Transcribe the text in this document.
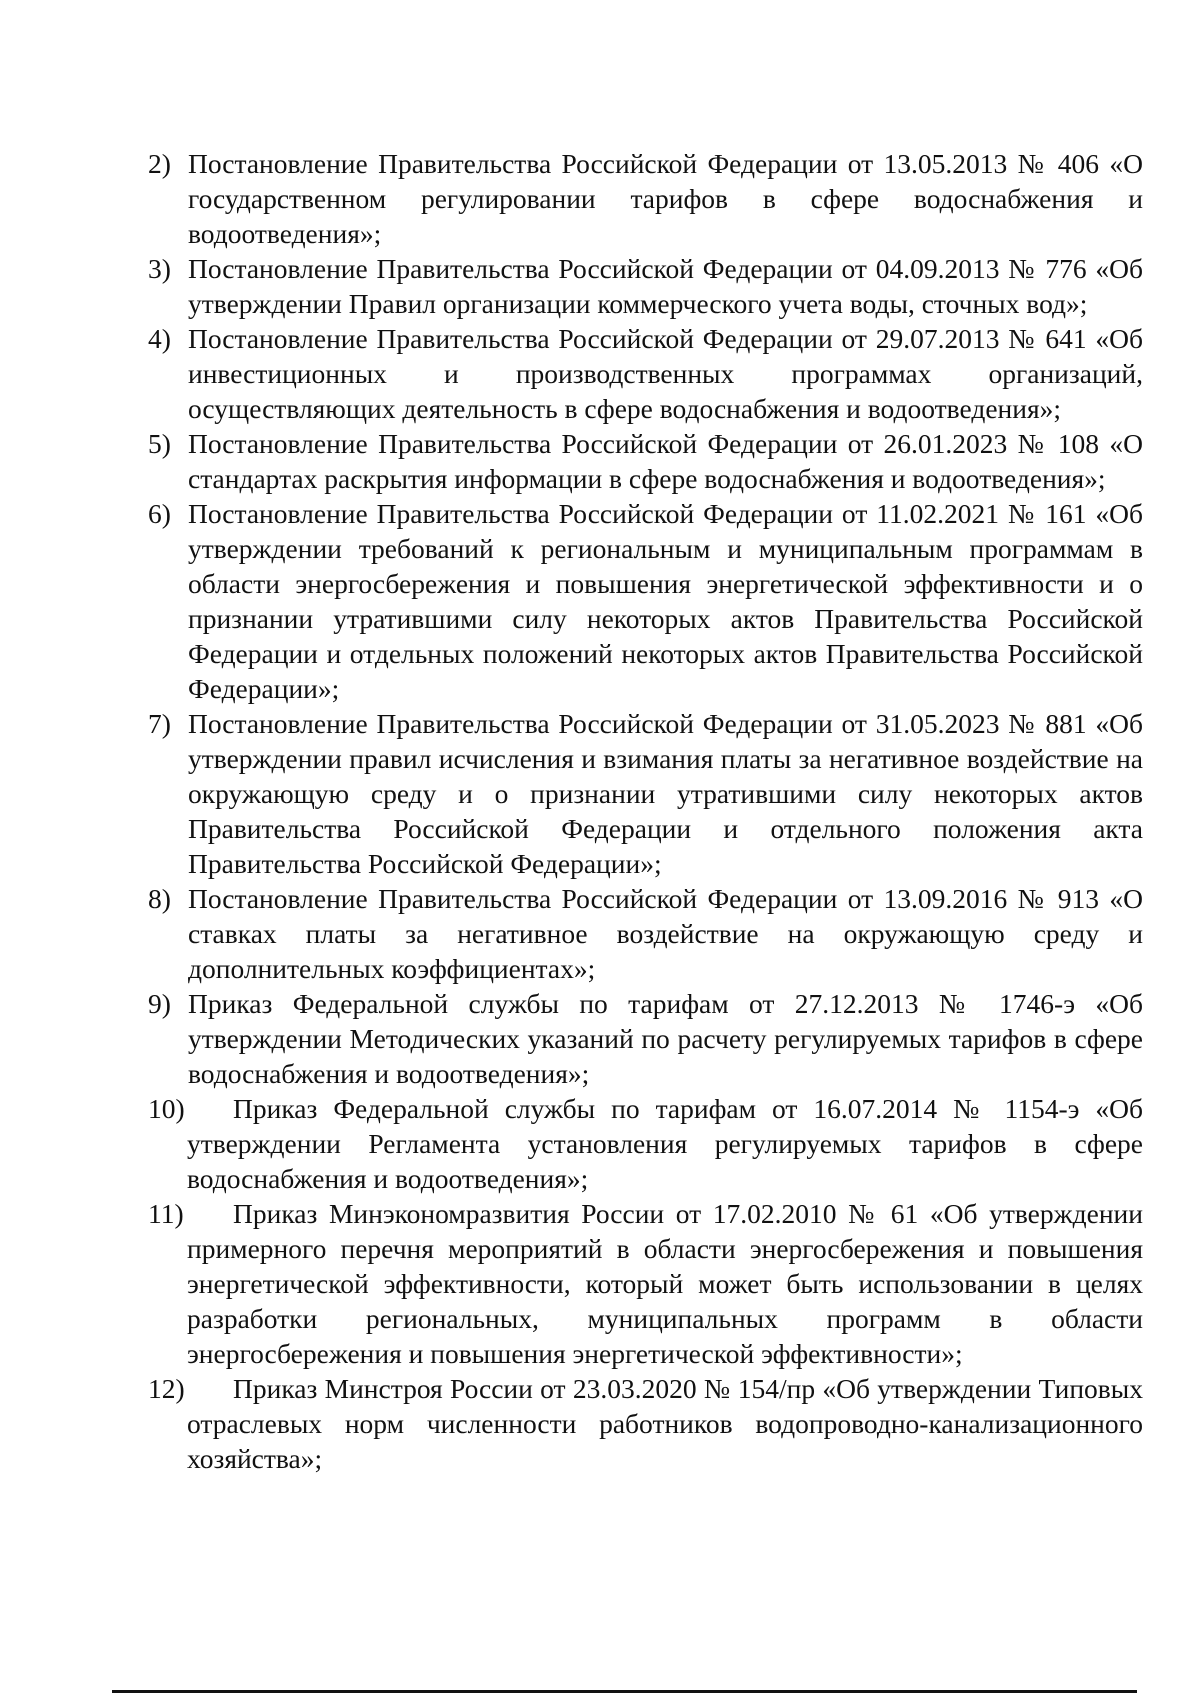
2) Постановление Правительства Российской Федерации от 13.05.2013 № 406 «О государственном регулировании тарифов в сфере водоснабжения и водоотведения»;
3) Постановление Правительства Российской Федерации от 04.09.2013 № 776 «Об утверждении Правил организации коммерческого учета воды, сточных вод»;
4) Постановление Правительства Российской Федерации от 29.07.2013 № 641 «Об инвестиционных и производственных программах организаций, осуществляющих деятельность в сфере водоснабжения и водоотведения»;
5) Постановление Правительства Российской Федерации от 26.01.2023 № 108 «О стандартах раскрытия информации в сфере водоснабжения и водоотведения»;
6) Постановление Правительства Российской Федерации от 11.02.2021 № 161 «Об утверждении требований к региональным и муниципальным программам в области энергосбережения и повышения энергетической эффективности и о признании утратившими силу некоторых актов Правительства Российской Федерации и отдельных положений некоторых актов Правительства Российской Федерации»;
7) Постановление Правительства Российской Федерации от 31.05.2023 № 881 «Об утверждении правил исчисления и взимания платы за негативное воздействие на окружающую среду и о признании утратившими силу некоторых актов Правительства Российской Федерации и отдельного положения акта Правительства Российской Федерации»;
8) Постановление Правительства Российской Федерации от 13.09.2016 № 913 «О ставках платы за негативное воздействие на окружающую среду и дополнительных коэффициентах»;
9) Приказ Федеральной службы по тарифам от 27.12.2013 № 1746-э «Об утверждении Методических указаний по расчету регулируемых тарифов в сфере водоснабжения и водоотведения»;
10)	Приказ Федеральной службы по тарифам от 16.07.2014 № 1154-э «Об утверждении Регламента установления регулируемых тарифов в сфере водоснабжения и водоотведения»;
11)	Приказ Минэкономразвития России от 17.02.2010 № 61 «Об утверждении примерного перечня мероприятий в области энергосбережения и повышения энергетической эффективности, который может быть использовании в целях разработки региональных, муниципальных программ в области энергосбережения и повышения энергетической эффективности»;
12)	Приказ Минстроя России от 23.03.2020 № 154/пр «Об утверждении Типовых отраслевых норм численности работников водопроводно-канализационного хозяйства»;
